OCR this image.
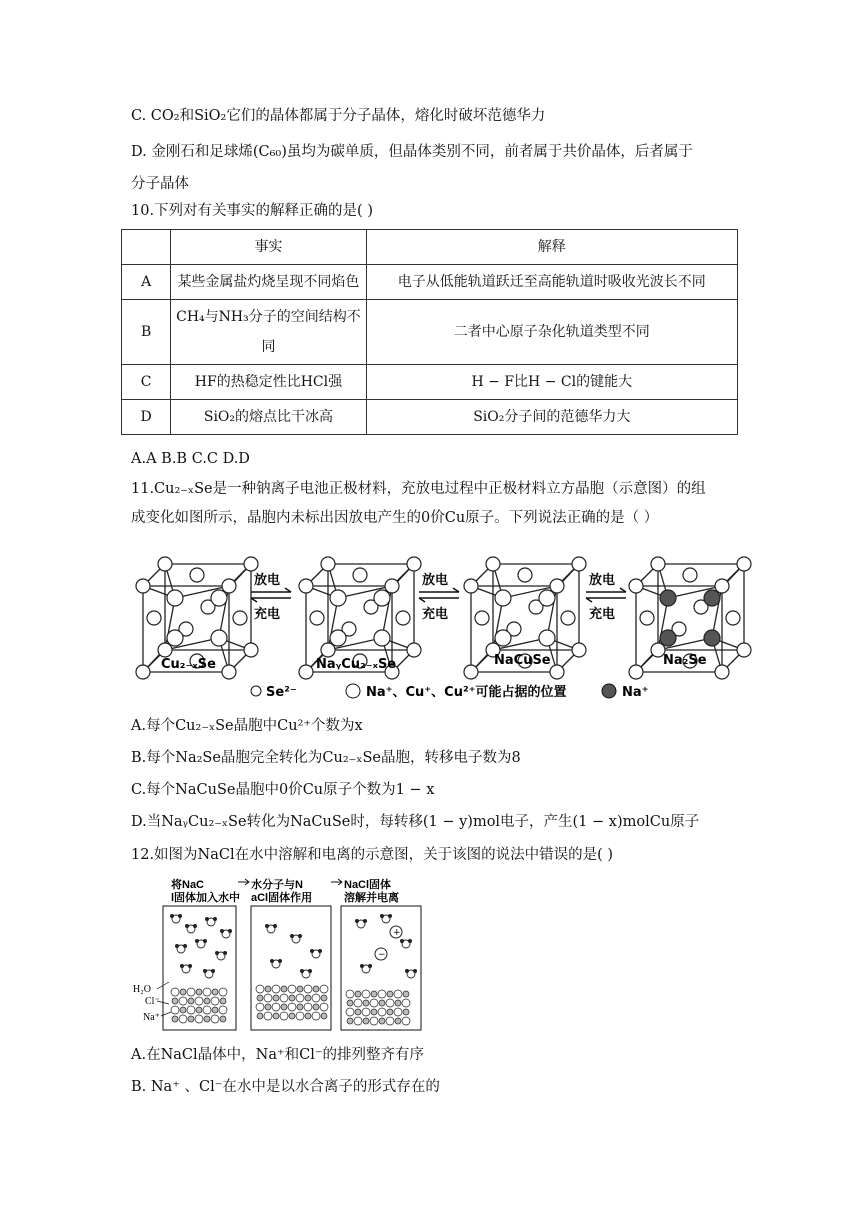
C. CO₂和SiO₂它们的晶体都属于分子晶体，熔化时破坏范德华力
D. 金刚石和足球烯(C₆₀)虽均为碳单质，但晶体类别不同，前者属于共价晶体，后者属于
分子晶体
10.下列对有关事实的解释正确的是( )
	事实	解释
A	某些金属盐灼烧呈现不同焰色	电子从低能轨道跃迁至高能轨道时吸收光波长不同
B	CH₄与NH₃分子的空间结构不同	二者中心原子杂化轨道类型不同
C	HF的热稳定性比HCl强	H − F比H − Cl的键能大
D	SiO₂的熔点比干冰高	SiO₂分子间的范德华力大
A.A B.B C.C D.D
11.Cu₂₋ₓSe是一种钠离子电池正极材料，充放电过程中正极材料立方晶胞（示意图）的组
成变化如图所示，晶胞内未标出因放电产生的0价Cu原子。下列说法正确的是（ ）
放电
充电
放电
充电
放电
充电
Cu₂₋ₓSe	NaᵧCu₂₋ₓSe	NaCuSe	Na₂Se
Se²⁻	Na⁺、Cu⁺、Cu²⁺可能占据的位置	Na⁺
A.每个Cu₂₋ₓSe晶胞中Cu²⁺个数为x
B.每个Na₂Se晶胞完全转化为Cu₂₋ₓSe晶胞，转移电子数为8
C.每个NaCuSe晶胞中0价Cu原子个数为1 − x
D.当NaᵧCu₂₋ₓSe转化为NaCuSe时，每转移(1 − y)mol电子，产生(1 − x)molCu原子
12.如图为NaCl在水中溶解和电离的示意图，关于该图的说法中错误的是( )
将NaC l固体加入水中
水分子与N aCl固体作用
NaCl固体溶解并电离
−
+
H₂O
Cl⁻
Na⁺
A.在NaCl晶体中，Na⁺和Cl⁻的排列整齐有序
B. Na⁺ 、Cl⁻在水中是以水合离子的形式存在的
